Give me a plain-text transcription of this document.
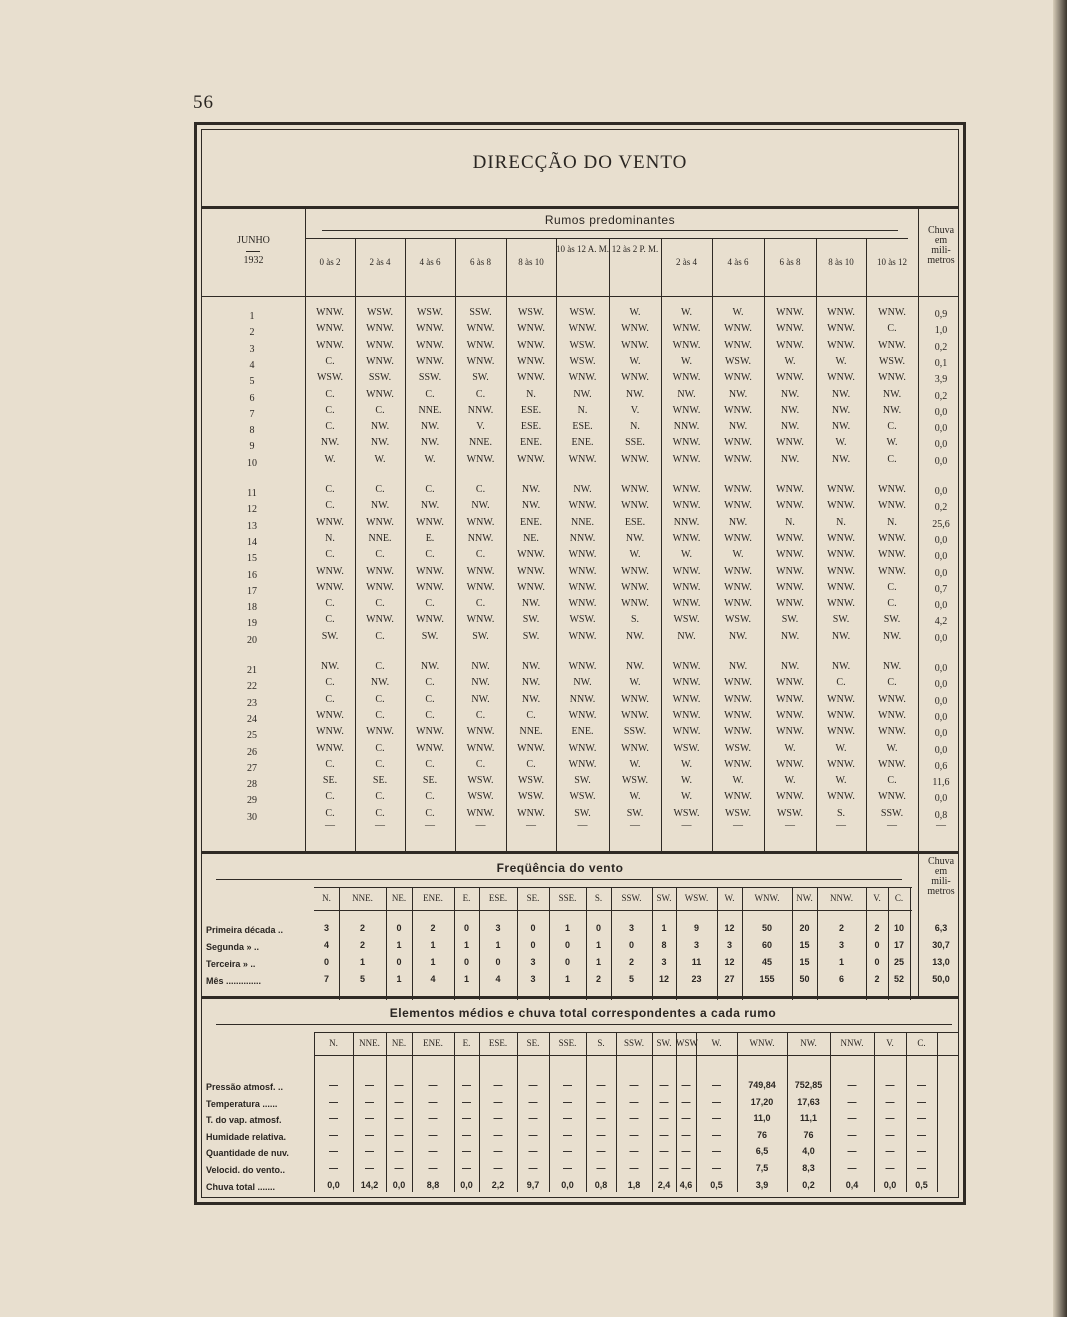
56
DIRECÇÃO DO VENTO
Rumos predominantes
JUNHO
1932
Chuva
em
mili-
metros
0 às 2	2 às 4	4 às 6	6 às 8	8 às 10
10 às 12 A. M. 12 às 2 P. M.
2 às 4	4 às 6	6 às 8	8 às 10	10 às 12
1	WNW.	WSW.	WSW.	SSW.	WSW.	WSW.	W.	W.	W.	WNW.	WNW.	WNW.	0,9
2	WNW.	WNW.	WNW.	WNW.	WNW.	WNW.	WNW.	WNW.	WNW.	WNW.	WNW.	C.	1,0
3	WNW.	WNW.	WNW.	WNW.	WNW.	WSW.	WNW.	WNW.	WNW.	WNW.	WNW.	WNW.	0,2
4	C.	WNW.	WNW.	WNW.	WNW.	WSW.	W.	W.	WSW.	W.	W.	WSW.	0,1
5	WSW.	SSW.	SSW.	SW.	WNW.	WNW.	WNW.	WNW.	WNW.	WNW.	WNW.	WNW.	3,9
6	C.	WNW.	C.	C.	N.	NW.	NW.	NW.	NW.	NW.	NW.	NW.	0,2
7	C.	C.	NNE.	NNW.	ESE.	N.	V.	WNW.	WNW.	NW.	NW.	NW.	0,0
8	C.	NW.	NW.	V.	ESE.	ESE.	N.	NNW.	NW.	NW.	NW.	C.	0,0
9	NW.	NW.	NW.	NNE.	ENE.	ENE.	SSE.	WNW.	WNW.	WNW.	W.	W.	0,0
10	W.	W.	W.	WNW.	WNW.	WNW.	WNW.	WNW.	WNW.	NW.	NW.	C.	0,0
11	C.	C.	C.	C.	NW.	NW.	WNW.	WNW.	WNW.	WNW.	WNW.	WNW.	0,0
12	C.	NW.	NW.	NW.	NW.	WNW.	WNW.	WNW.	WNW.	WNW.	WNW.	WNW.	0,2
13	WNW.	WNW.	WNW.	WNW.	ENE.	NNE.	ESE.	NNW.	NW.	N.	N.	N.	25,6
14	N.	NNE.	E.	NNW.	NE.	NNW.	NW.	WNW.	WNW.	WNW.	WNW.	WNW.	0,0
15	C.	C.	C.	C.	WNW.	WNW.	W.	W.	W.	WNW.	WNW.	WNW.	0,0
16	WNW.	WNW.	WNW.	WNW.	WNW.	WNW.	WNW.	WNW.	WNW.	WNW.	WNW.	WNW.	0,0
17	WNW.	WNW.	WNW.	WNW.	WNW.	WNW.	WNW.	WNW.	WNW.	WNW.	WNW.	C.	0,7
18	C.	C.	C.	C.	NW.	WNW.	WNW.	WNW.	WNW.	WNW.	WNW.	C.	0,0
19	C.	WNW.	WNW.	WNW.	SW.	WSW.	S.	WSW.	WSW.	SW.	SW.	SW.	4,2
20	SW.	C.	SW.	SW.	SW.	WNW.	NW.	NW.	NW.	NW.	NW.	NW.	0,0
21	NW.	C.	NW.	NW.	NW.	WNW.	NW.	WNW.	NW.	NW.	NW.	NW.	0,0
22	C.	NW.	C.	NW.	NW.	NW.	W.	WNW.	WNW.	WNW.	C.	C.	0,0
23	C.	C.	C.	NW.	NW.	NNW.	WNW.	WNW.	WNW.	WNW.	WNW.	WNW.	0,0
24	WNW.	C.	C.	C.	C.	WNW.	WNW.	WNW.	WNW.	WNW.	WNW.	WNW.	0,0
25	WNW.	WNW.	WNW.	WNW.	NNE.	ENE.	SSW.	WNW.	WNW.	WNW.	WNW.	WNW.	0,0
26	WNW.	C.	WNW.	WNW.	WNW.	WNW.	WNW.	WSW.	WSW.	W.	W.	W.	0,0
27	C.	C.	C.	C.	C.	WNW.	W.	W.	WNW.	WNW.	WNW.	WNW.	0,6
28	SE.	SE.	SE.	WSW.	WSW.	SW.	WSW.	W.	W.	W.	W.	C.	11,6
29	C.	C.	C.	WSW.	WSW.	WSW.	W.	W.	WNW.	WNW.	WNW.	WNW.	0,0
30	C.	C.	C.	WNW.	WNW.	SW.	SW.	WSW.	WSW.	WSW.	S.	SSW.	0,8
—	—	—	—	—	—	—	—	—	—	—	—	—
Freqüência do vento	Chuva
em
mili-
metros
N.	NNE.	NE.	ENE.	E.	ESE.	SE.	SSE.	S.	SSW.	SW.	WSW.	W.	WNW.	NW.	NNW.	V.	C.
Primeira década ..	3	2	0	2	0	3	0	1	0	3	1	9	12	50	20	2	2	10	6,3
Segunda » ..	4	2	1	1	1	1	0	0	1	0	8	3	3	60	15	3	0	17	30,7
Terceira » ..	0	1	0	1	0	0	3	0	1	2	3	11	12	45	15	1	0	25	13,0
Mês ..............	7	5	1	4	1	4	3	1	2	5	12	23	27	155	50	6	2	52	50,0
Elementos médios e chuva total correspondentes a cada rumo
N.	NNE.	NE.	ENE.	E.	ESE.	SE.	SSE.	S.	SSW.	SW. WSW	W.	WNW.	NW.	NNW.	V.	C.
Pressão atmosf. ..	—	—	—	—	—	—	—	—	—	—	—	—	—	749,84	752,85	—	—	—
Temperatura ......	—	—	—	—	—	—	—	—	—	—	—	—	—	17,20	17,63	—	—	—
T. do vap. atmosf.	—	—	—	—	—	—	—	—	—	—	—	—	—	11,0	11,1	—	—	—
Humidade relativa.	—	—	—	—	—	—	—	—	—	—	—	—	—	76	76	—	—	—
Quantidade de nuv.	—	—	—	—	—	—	—	—	—	—	—	—	—	6,5	4,0	—	—	—
Velocid. do vento..	—	—	—	—	—	—	—	—	—	—	—	—	—	7,5	8,3	—	—	—
Chuva total .......	0,0	14,2	0,0	8,8	0,0	2,2	9,7	0,0	0,8	1,8	2,4	4,6	0,5	3,9	0,2	0,4	0,0	0,5
